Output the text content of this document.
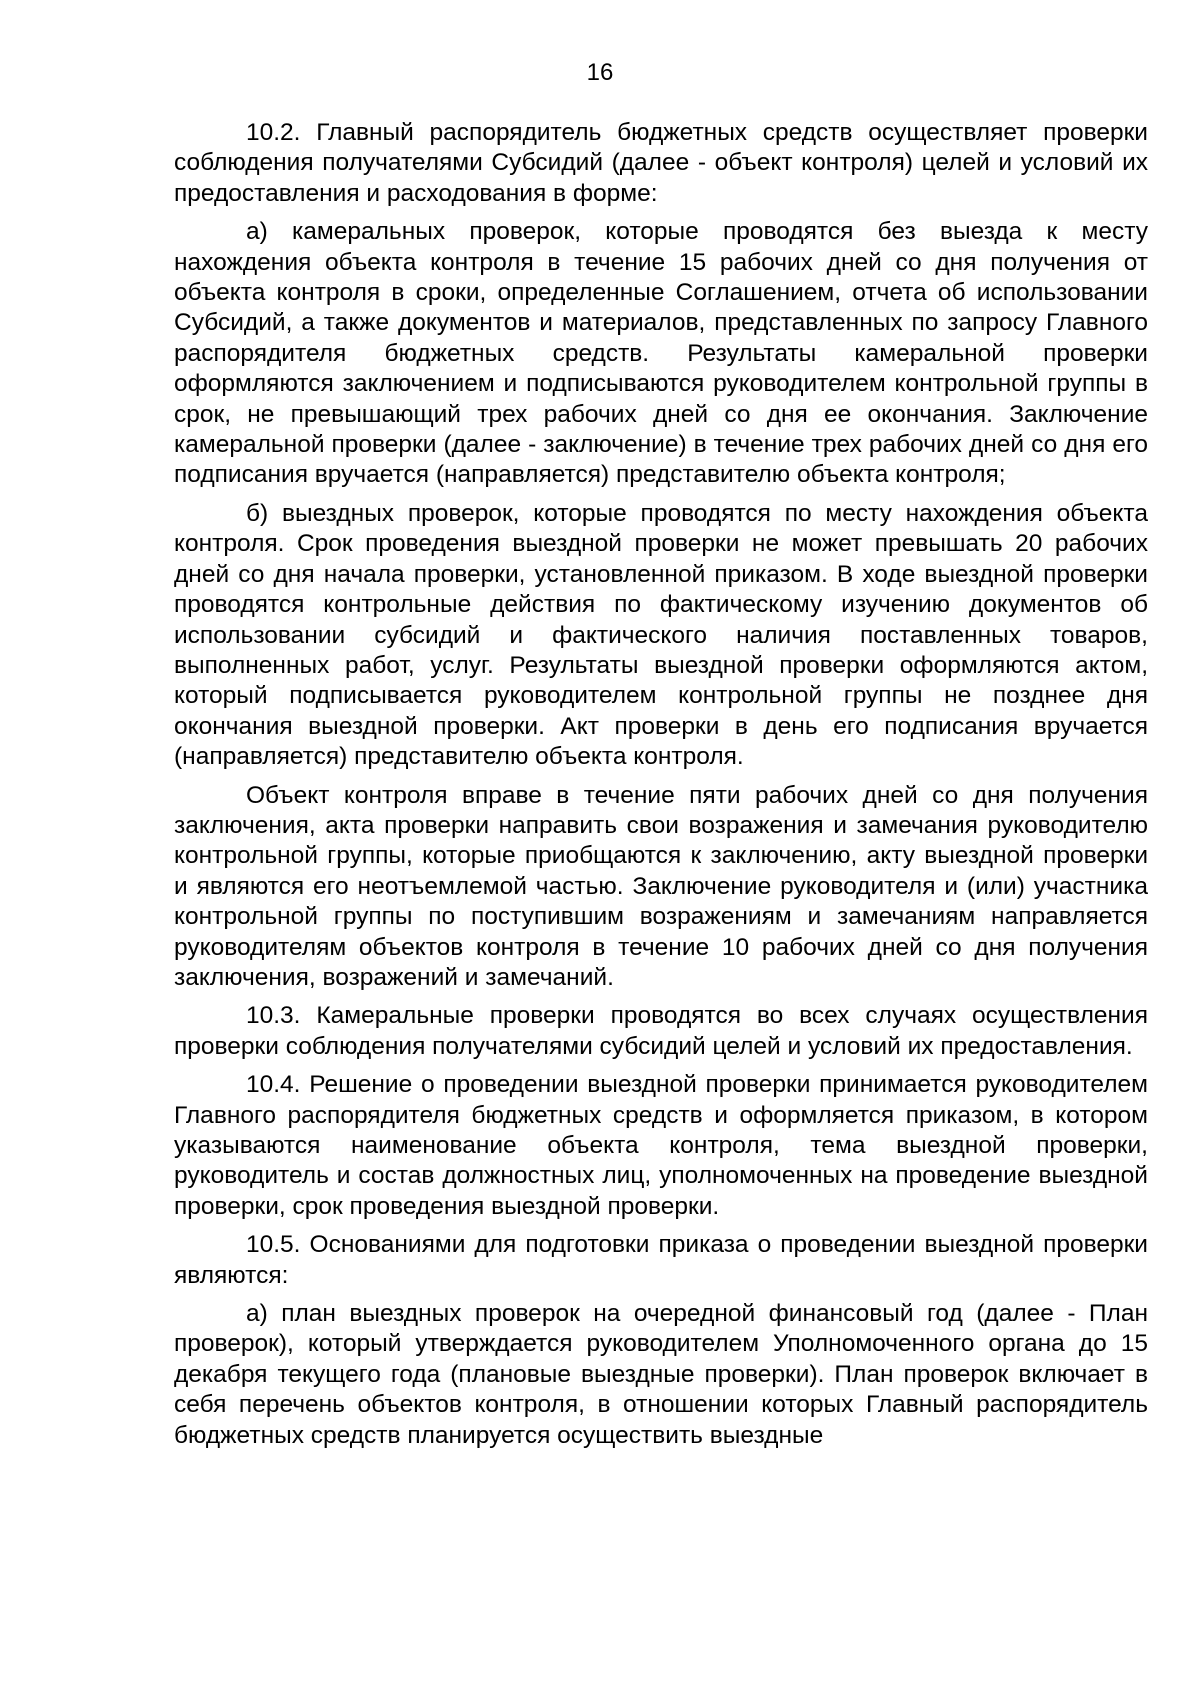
16

10.2. Главный распорядитель бюджетных средств осуществляет проверки соблюдения получателями Субсидий (далее - объект контроля) целей и условий их предоставления и расходования в форме:

а) камеральных проверок, которые проводятся без выезда к месту нахождения объекта контроля в течение 15 рабочих дней со дня получения от объекта контроля в сроки, определенные Соглашением, отчета об использовании Субсидий, а также документов и материалов, представленных по запросу Главного распорядителя бюджетных средств. Результаты камеральной проверки оформляются заключением и подписываются руководителем контрольной группы в срок, не превышающий трех рабочих дней со дня ее окончания. Заключение камеральной проверки (далее - заключение) в течение трех рабочих дней со дня его подписания вручается (направляется) представителю объекта контроля;

б) выездных проверок, которые проводятся по месту нахождения объекта контроля. Срок проведения выездной проверки не может превышать 20 рабочих дней со дня начала проверки, установленной приказом. В ходе выездной проверки проводятся контрольные действия по фактическому изучению документов об использовании субсидий и фактического наличия поставленных товаров, выполненных работ, услуг. Результаты выездной проверки оформляются актом, который подписывается руководителем контрольной группы не позднее дня окончания выездной проверки. Акт проверки в день его подписания вручается (направляется) представителю объекта контроля.

Объект контроля вправе в течение пяти рабочих дней со дня получения заключения, акта проверки направить свои возражения и замечания руководителю контрольной группы, которые приобщаются к заключению, акту выездной проверки и являются его неотъемлемой частью. Заключение руководителя и (или) участника контрольной группы по поступившим возражениям и замечаниям направляется руководителям объектов контроля в течение 10 рабочих дней со дня получения заключения, возражений и замечаний.

10.3. Камеральные проверки проводятся во всех случаях осуществления проверки соблюдения получателями субсидий целей и условий их предоставления.

10.4. Решение о проведении выездной проверки принимается руководителем Главного распорядителя бюджетных средств и оформляется приказом, в котором указываются наименование объекта контроля, тема выездной проверки, руководитель и состав должностных лиц, уполномоченных на проведение выездной проверки, срок проведения выездной проверки.

10.5. Основаниями для подготовки приказа о проведении выездной проверки являются:

а) план выездных проверок на очередной финансовый год (далее - План проверок), который утверждается руководителем Уполномоченного органа до 15 декабря текущего года (плановые выездные проверки). План проверок включает в себя перечень объектов контроля, в отношении которых Главный распорядитель бюджетных средств планируется осуществить выездные
